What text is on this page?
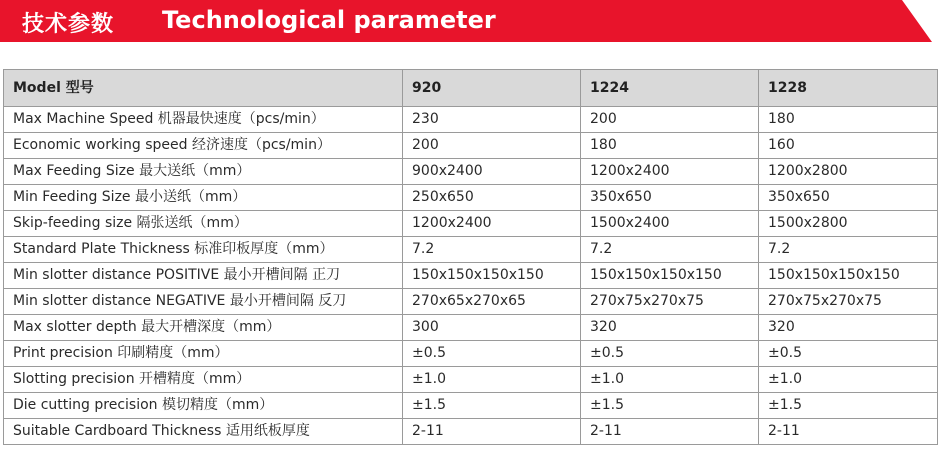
技术参数 Technological parameter
Model 型号	920	1224	1228
Max Machine Speed 机器最快速度（pcs/min）	230	200	180
Economic working speed 经济速度（pcs/min）	200	180	160
Max Feeding Size 最大送纸（mm）	900x2400	1200x2400	1200x2800
Min Feeding Size 最小送纸（mm）	250x650	350x650	350x650
Skip-feeding size 隔张送纸（mm）	1200x2400	1500x2400	1500x2800
Standard Plate Thickness 标准印板厚度（mm）	7.2	7.2	7.2
Min slotter distance POSITIVE 最小开槽间隔 正刀	150x150x150x150	150x150x150x150	150x150x150x150
Min slotter distance NEGATIVE 最小开槽间隔 反刀	270x65x270x65	270x75x270x75	270x75x270x75
Max slotter depth 最大开槽深度（mm）	300	320	320
Print precision 印刷精度（mm）	±0.5	±0.5	±0.5
Slotting precision 开槽精度（mm）	±1.0	±1.0	±1.0
Die cutting precision 模切精度（mm）	±1.5	±1.5	±1.5
Suitable Cardboard Thickness 适用纸板厚度	2-11	2-11	2-11
